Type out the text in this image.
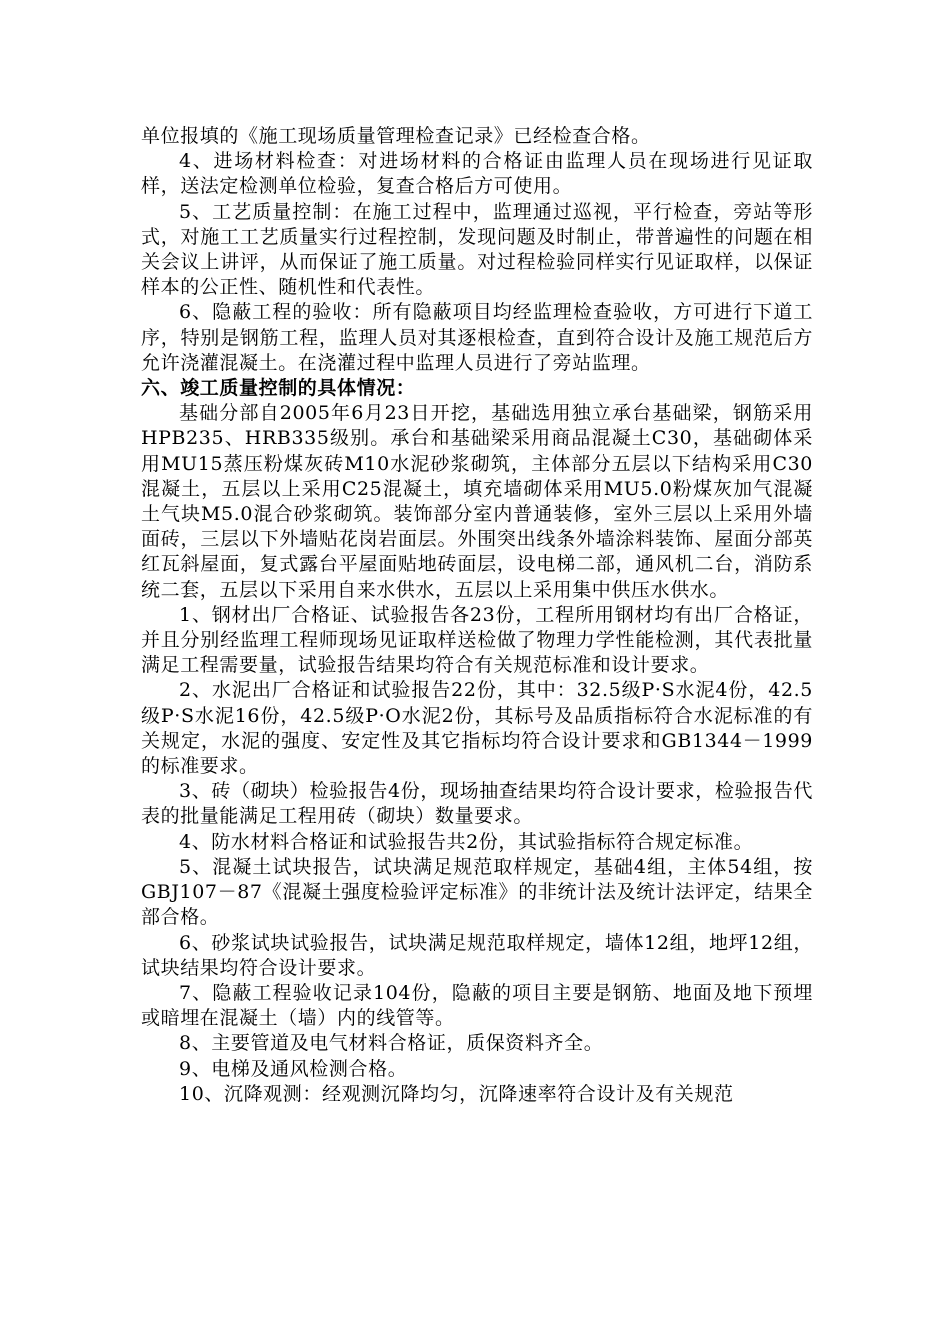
单位报填的《施工现场质量管理检查记录》已经检查合格。

4、进场材料检查：对进场材料的合格证由监理人员在现场进行见证取样，送法定检测单位检验，复查合格后方可使用。

5、工艺质量控制：在施工过程中，监理通过巡视，平行检查，旁站等形式，对施工工艺质量实行过程控制，发现问题及时制止，带普遍性的问题在相关会议上讲评，从而保证了施工质量。对过程检验同样实行见证取样，以保证样本的公正性、随机性和代表性。

6、隐蔽工程的验收：所有隐蔽项目均经监理检查验收，方可进行下道工序，特别是钢筋工程，监理人员对其逐根检查，直到符合设计及施工规范后方允许浇灌混凝土。在浇灌过程中监理人员进行了旁站监理。

六、竣工质量控制的具体情况：

基础分部自2005年6月23日开挖，基础选用独立承台基础梁，钢筋采用HPB235、HRB335级别。承台和基础梁采用商品混凝土C30，基础砌体采用MU15蒸压粉煤灰砖M10水泥砂浆砌筑，主体部分五层以下结构采用C30混凝土，五层以上采用C25混凝土，填充墙砌体采用MU5.0粉煤灰加气混凝土气块M5.0混合砂浆砌筑。装饰部分室内普通装修，室外三层以上采用外墙面砖，三层以下外墙贴花岗岩面层。外围突出线条外墙涂料装饰、屋面分部英红瓦斜屋面，复式露台平屋面贴地砖面层，设电梯二部，通风机二台，消防系统二套，五层以下采用自来水供水，五层以上采用集中供压水供水。

1、钢材出厂合格证、试验报告各23份，工程所用钢材均有出厂合格证，并且分别经监理工程师现场见证取样送检做了物理力学性能检测，其代表批量满足工程需要量，试验报告结果均符合有关规范标准和设计要求。

2、水泥出厂合格证和试验报告22份，其中：32.5级P·S水泥4份，42.5级P·S水泥16份，42.5级P·O水泥2份，其标号及品质指标符合水泥标准的有关规定，水泥的强度、安定性及其它指标均符合设计要求和GB1344－1999的标准要求。

3、砖（砌块）检验报告4份，现场抽查结果均符合设计要求，检验报告代表的批量能满足工程用砖（砌块）数量要求。

4、防水材料合格证和试验报告共2份，其试验指标符合规定标准。

5、混凝土试块报告，试块满足规范取样规定，基础4组，主体54组，按GBJ107－87《混凝土强度检验评定标准》的非统计法及统计法评定，结果全部合格。

6、砂浆试块试验报告，试块满足规范取样规定，墙体12组，地坪12组，试块结果均符合设计要求。

7、隐蔽工程验收记录104份，隐蔽的项目主要是钢筋、地面及地下预埋或暗埋在混凝土（墙）内的线管等。

8、主要管道及电气材料合格证，质保资料齐全。

9、电梯及通风检测合格。

10、沉降观测：经观测沉降均匀，沉降速率符合设计及有关规范
